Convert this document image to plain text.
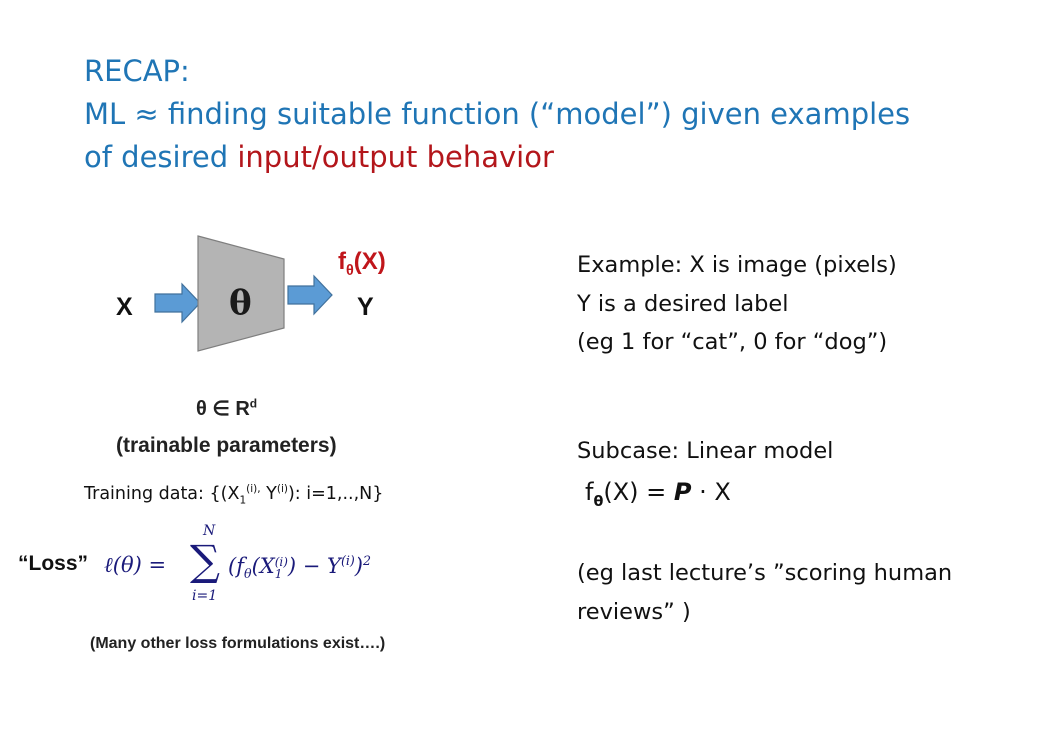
RECAP:
ML ≈ finding suitable function (“model”) given examples
of desired input/output behavior
X	θ	Y
$f_\theta(X)$
θ ∈ $R^d$
(trainable parameters)
Training data: {($X_1^{(i),}$ $Y^{(i)}$): i=1,..,N}
“Loss” ℓ(θ) =
N
∑
i=1
($f_\theta(X$ (i)
1 ) − $Y^{(i)})^2$
(Many other loss formulations exist….)
Example: X is image (pixels)
Y is a desired label
(eg 1 for “cat”, 0 for “dog”)
Subcase: Linear model
$f_\theta(X) = P \cdot X$
(eg last lecture’s ”scoring human
reviews” )
